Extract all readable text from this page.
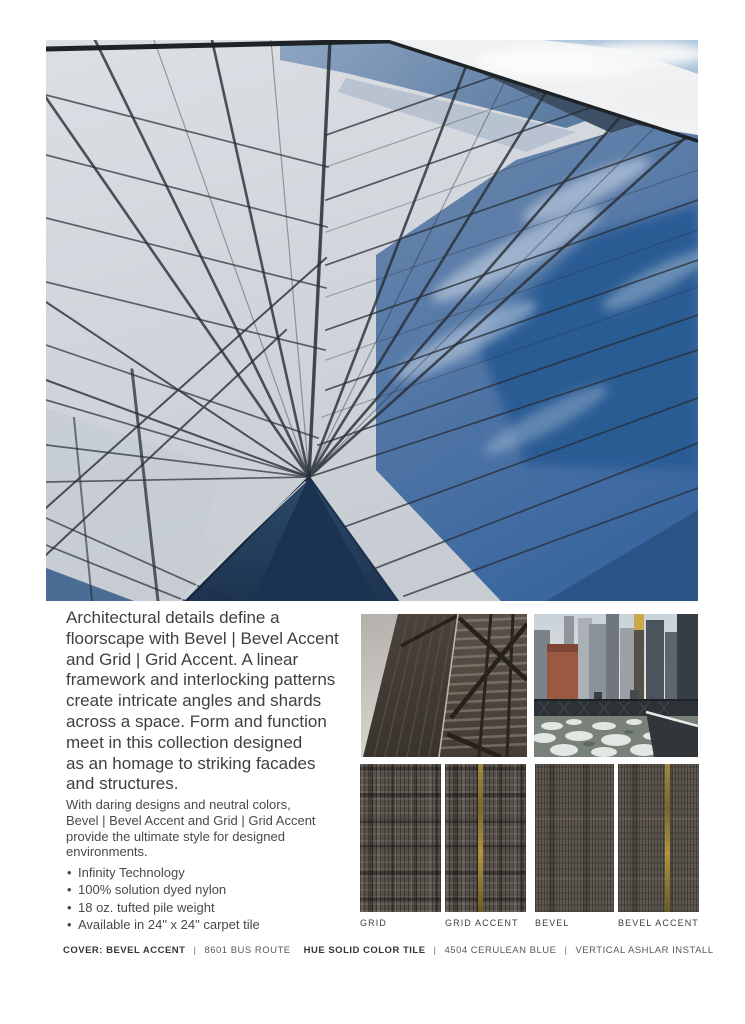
Architectural details define a
floorscape with Bevel | Bevel Accent
and Grid | Grid Accent. A linear
framework and interlocking patterns
create intricate angles and shards
across a space. Form and function
meet in this collection designed
as an homage to striking facades
and structures.
With daring designs and neutral colors,
Bevel | Bevel Accent and Grid | Grid Accent
provide the ultimate style for designed
environments.
• Infinity Technology
• 100% solution dyed nylon
• 18 oz. tufted pile weight
• Available in 24" x 24" carpet tile	GRID	GRID ACCENT	BEVEL	BEVEL ACCENT
COVER: BEVEL ACCENT | 8601 BUS ROUTE HUE SOLID COLOR TILE | 4504 CERULEAN BLUE | VERTICAL ASHLAR INSTALL
